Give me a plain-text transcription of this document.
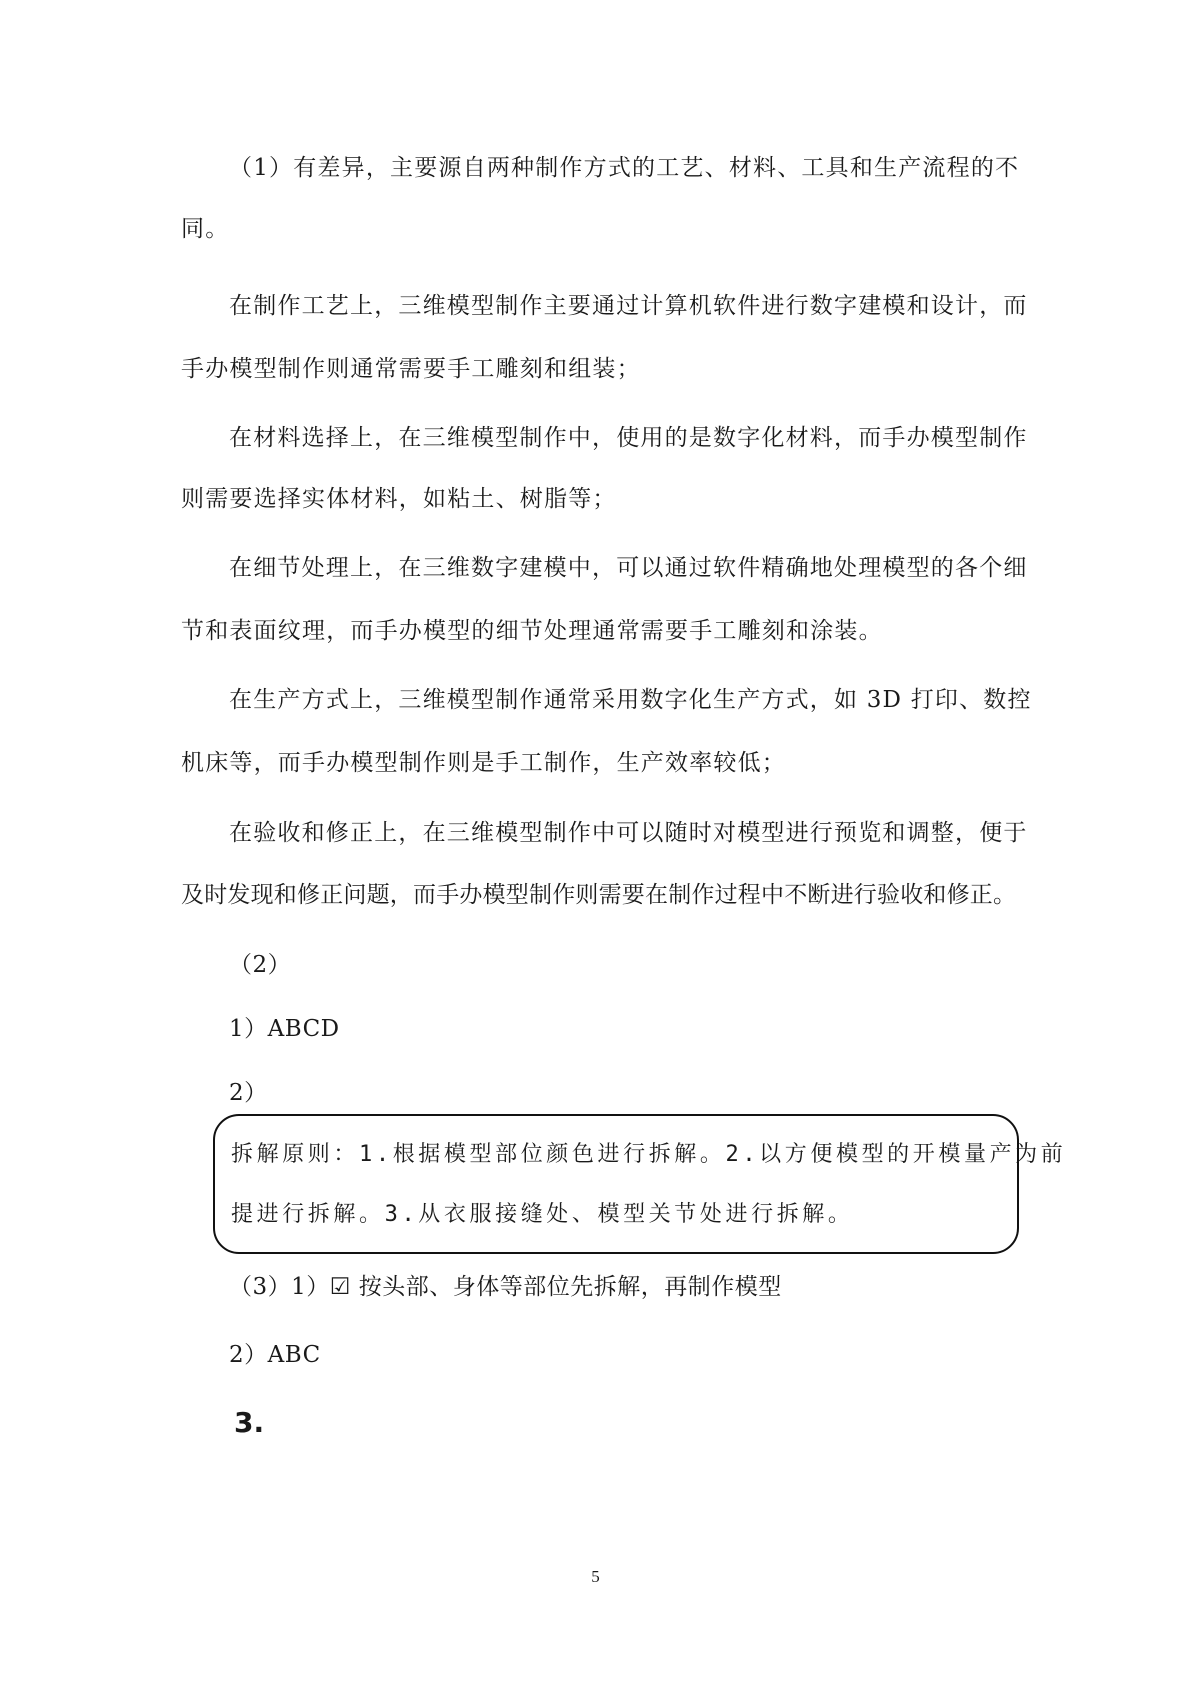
（1）有差异，主要源自两种制作方式的工艺、材料、工具和生产流程的不
同。
在制作工艺上，三维模型制作主要通过计算机软件进行数字建模和设计，而
手办模型制作则通常需要手工雕刻和组装；
在材料选择上，在三维模型制作中，使用的是数字化材料，而手办模型制作
则需要选择实体材料，如粘土、树脂等；
在细节处理上，在三维数字建模中，可以通过软件精确地处理模型的各个细
节和表面纹理，而手办模型的细节处理通常需要手工雕刻和涂装。
在生产方式上，三维模型制作通常采用数字化生产方式，如 3D 打印、数控
机床等，而手办模型制作则是手工制作，生产效率较低；
在验收和修正上，在三维模型制作中可以随时对模型进行预览和调整，便于
及时发现和修正问题，而手办模型制作则需要在制作过程中不断进行验收和修正。
（2）
1）ABCD
2）
拆解原则：1.根据模型部位颜色进行拆解。2.以方便模型的开模量产为前
提进行拆解。3.从衣服接缝处、模型关节处进行拆解。
（3）1）☑ 按头部、身体等部位先拆解，再制作模型
2）ABC
3.
5
